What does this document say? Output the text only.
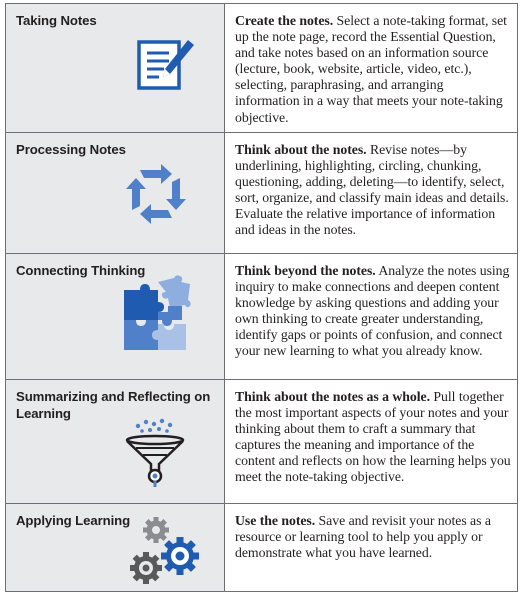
Taking Notes	Create the notes. Select a note-taking format, set up the note page, record the Essential Question, and take notes based on an information source (lecture, book, website, article, video, etc.), selecting, paraphrasing, and arranging information in a way that meets your note-taking objective.

Processing Notes	Think about the notes. Revise notes—by underlining, highlighting, circling, chunking, questioning, adding, deleting—to identify, select, sort, organize, and classify main ideas and details. Evaluate the relative importance of information and ideas in the notes.

Connecting Thinking	Think beyond the notes. Analyze the notes using inquiry to make connections and deepen content knowledge by asking questions and adding your own thinking to create greater understanding, identify gaps or points of confusion, and connect your new learning to what you already know.

Summarizing and Reflecting on Learning	Think about the notes as a whole. Pull together the most important aspects of your notes and your thinking about them to craft a summary that captures the meaning and importance of the content and reflects on how the learning helps you meet the note-taking objective.

Applying Learning	Use the notes. Save and revisit your notes as a resource or learning tool to help you apply or demonstrate what you have learned.
